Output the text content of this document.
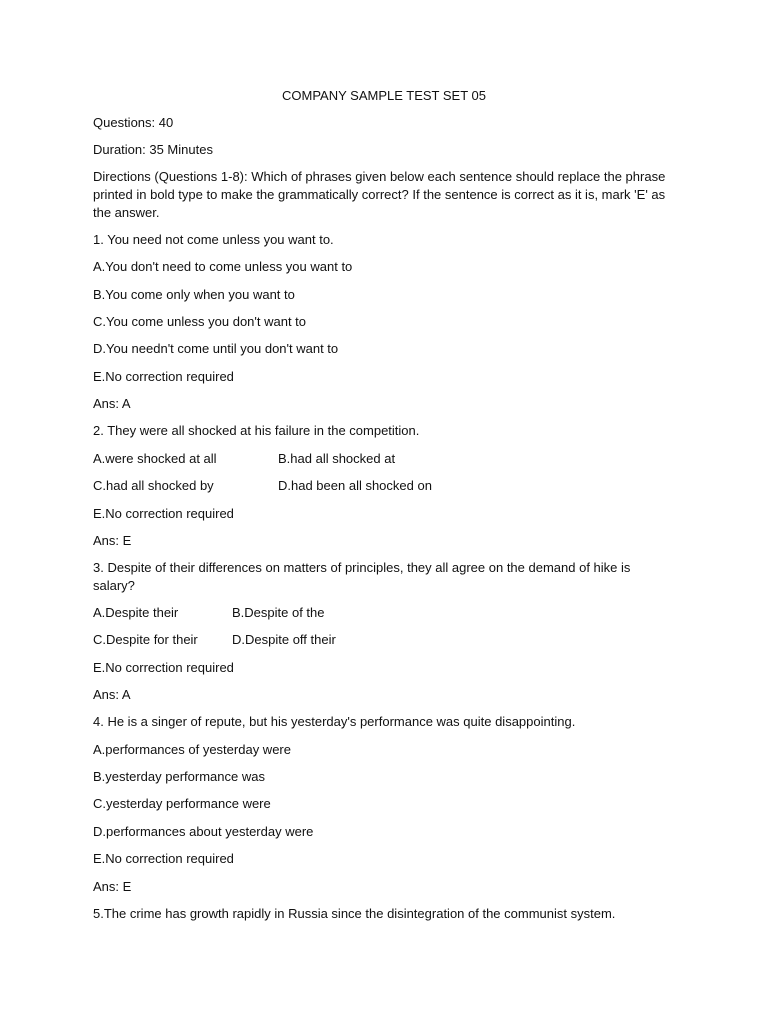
COMPANY SAMPLE TEST SET 05
Questions: 40
Duration: 35 Minutes
Directions (Questions 1-8): Which of phrases given below each sentence should replace the phrase printed in bold type to make the grammatically correct? If the sentence is correct as it is, mark 'E' as the answer.
1. You need not come unless you want to.
A.You don't need to come unless you want to
B.You come only when you want to
C.You come unless you don't want to
D.You needn't come until you don't want to
E.No correction required
Ans: A
2. They were all shocked at his failure in the competition.
A.were shocked at all	B.had all shocked at
C.had all shocked by	D.had been all shocked on
E.No correction required
Ans: E
3. Despite of their differences on matters of principles, they all agree on the demand of hike is salary?
A.Despite their	B.Despite of the
C.Despite for their	D.Despite off their
E.No correction required
Ans: A
4. He is a singer of repute, but his yesterday's performance was quite disappointing.
A.performances of yesterday were
B.yesterday performance was
C.yesterday performance were
D.performances about yesterday were
E.No correction required
Ans: E
5.The crime has growth rapidly in Russia since the disintegration of the communist system.
